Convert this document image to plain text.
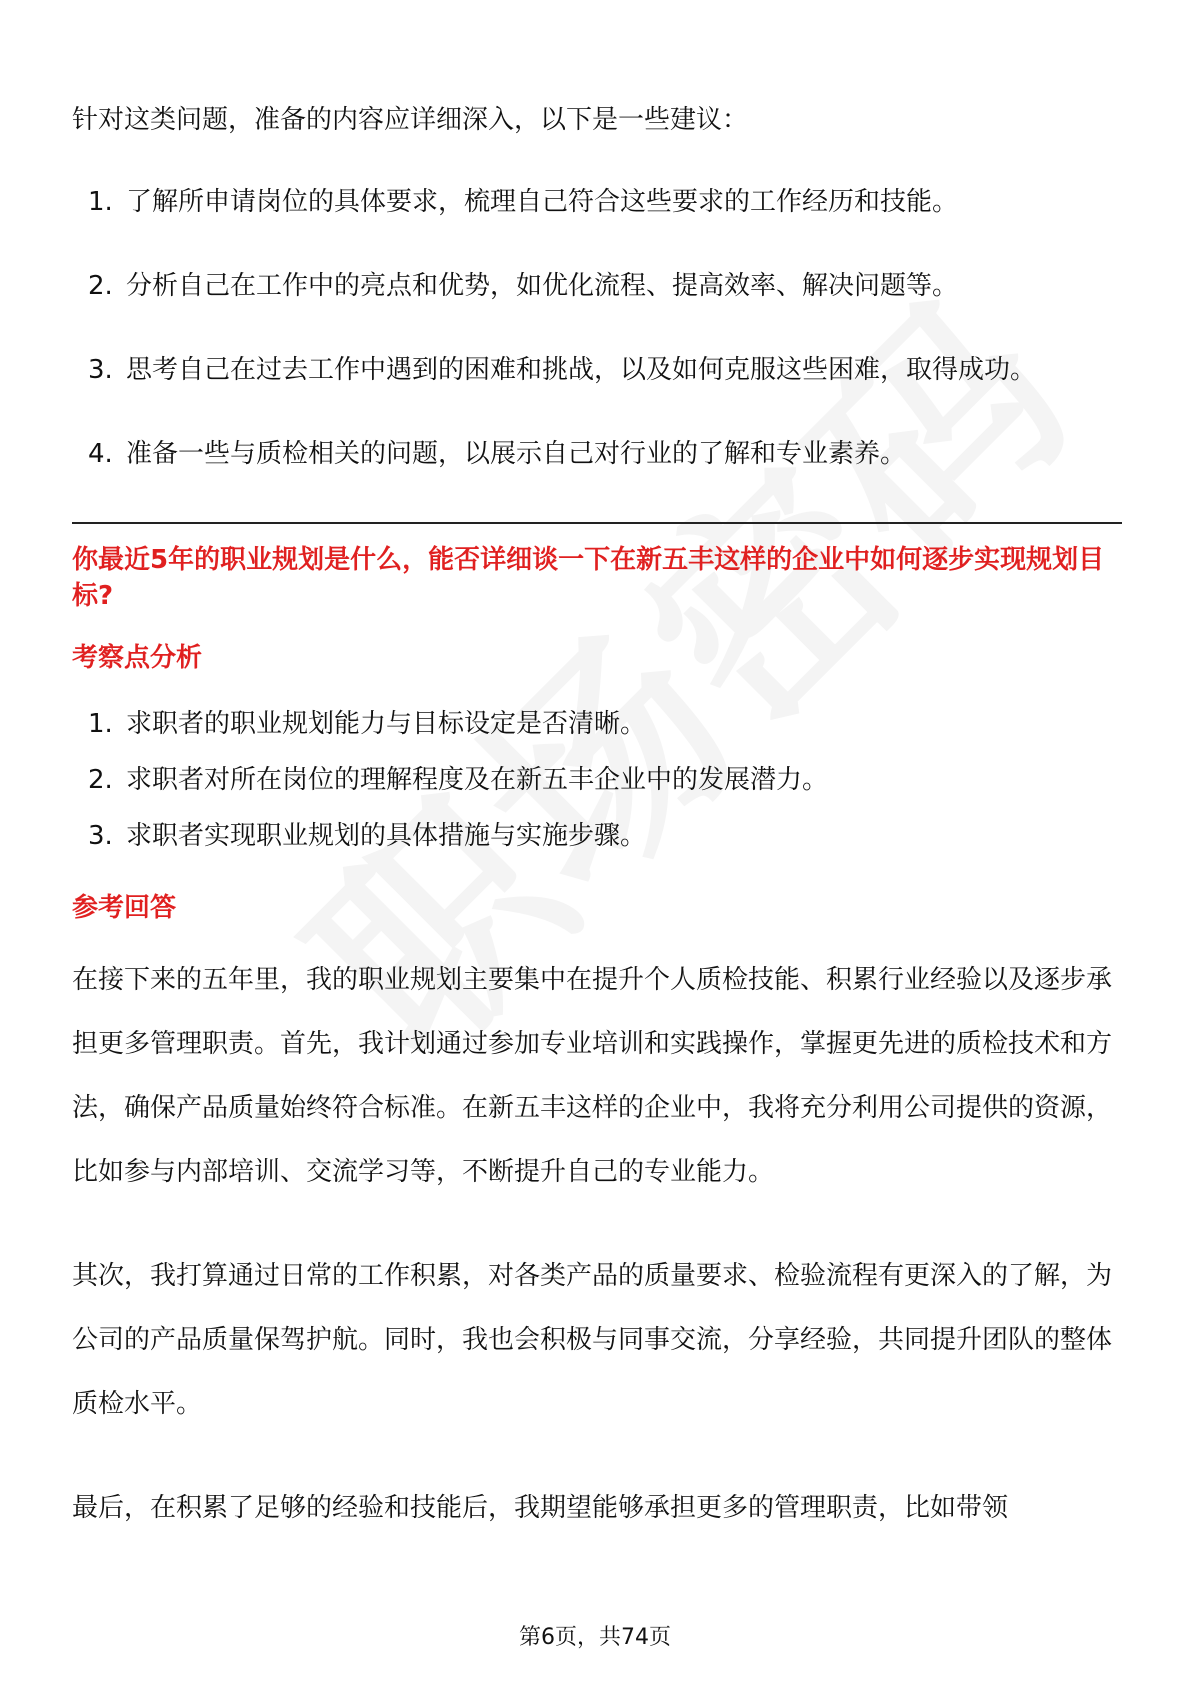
针对这类问题，准备的内容应详细深入，以下是一些建议：

1. 了解所申请岗位的具体要求，梳理自己符合这些要求的工作经历和技能。
2. 分析自己在工作中的亮点和优势，如优化流程、提高效率、解决问题等。
3. 思考自己在过去工作中遇到的困难和挑战，以及如何克服这些困难，取得成功。
4. 准备一些与质检相关的问题，以展示自己对行业的了解和专业素养。

你最近5年的职业规划是什么，能否详细谈一下在新五丰这样的企业中如何逐步实现规划目标?

考察点分析

1. 求职者的职业规划能力与目标设定是否清晰。
2. 求职者对所在岗位的理解程度及在新五丰企业中的发展潜力。
3. 求职者实现职业规划的具体措施与实施步骤。

参考回答

在接下来的五年里，我的职业规划主要集中在提升个人质检技能、积累行业经验以及逐步承担更多管理职责。首先，我计划通过参加专业培训和实践操作，掌握更先进的质检技术和方法，确保产品质量始终符合标准。在新五丰这样的企业中，我将充分利用公司提供的资源，比如参与内部培训、交流学习等，不断提升自己的专业能力。

其次，我打算通过日常的工作积累，对各类产品的质量要求、检验流程有更深入的了解，为公司的产品质量保驾护航。同时，我也会积极与同事交流，分享经验，共同提升团队的整体质检水平。

最后，在积累了足够的经验和技能后，我期望能够承担更多的管理职责，比如带领

第6页，共74页
